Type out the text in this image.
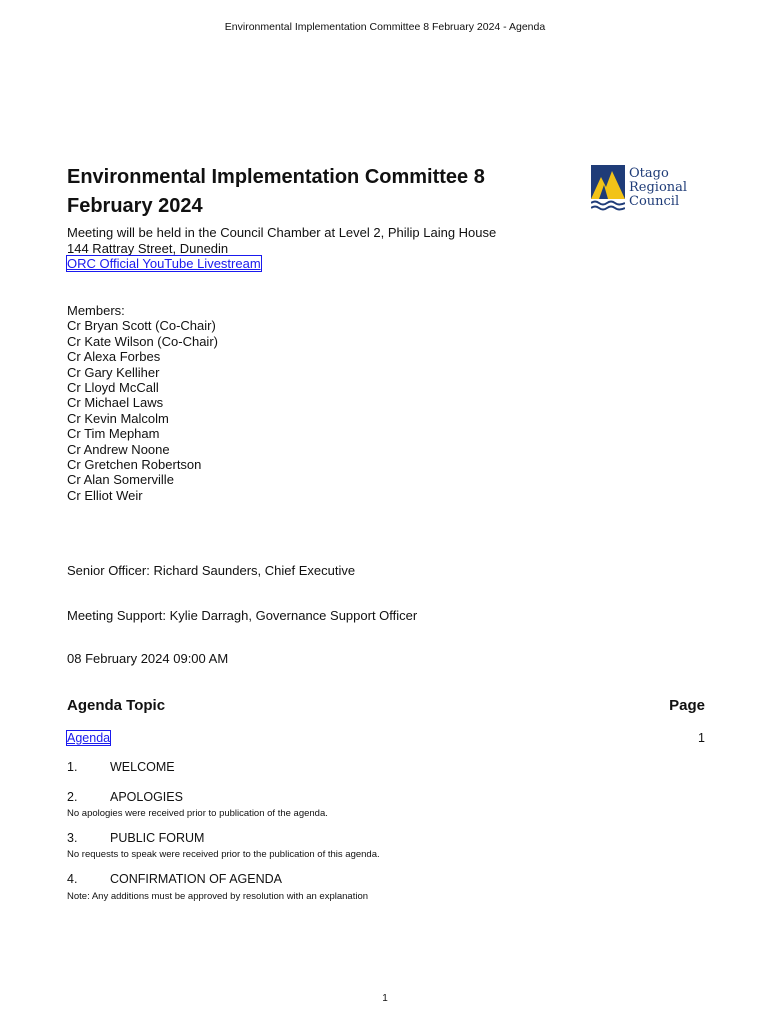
Environmental Implementation Committee 8 February 2024 - Agenda
Environmental Implementation Committee 8
February 2024
Otago
Regional
Council
Meeting will be held in the Council Chamber at Level 2, Philip Laing House
144 Rattray Street, Dunedin
ORC Official YouTube Livestream
Members:
Cr Bryan Scott (Co-Chair)
Cr Kate Wilson (Co-Chair)
Cr Alexa Forbes
Cr Gary Kelliher
Cr Lloyd McCall
Cr Michael Laws
Cr Kevin Malcolm
Cr Tim Mepham
Cr Andrew Noone
Cr Gretchen Robertson
Cr Alan Somerville
Cr Elliot Weir
Senior Officer: Richard Saunders, Chief Executive
Meeting Support: Kylie Darragh, Governance Support Officer
08 February 2024 09:00 AM
Agenda Topic	Page
Agenda	1
1.	WELCOME
2.	APOLOGIES
No apologies were received prior to publication of the agenda.
3.	PUBLIC FORUM
No requests to speak were received prior to the publication of this agenda.
4.	CONFIRMATION OF AGENDA
Note: Any additions must be approved by resolution with an explanation
1
